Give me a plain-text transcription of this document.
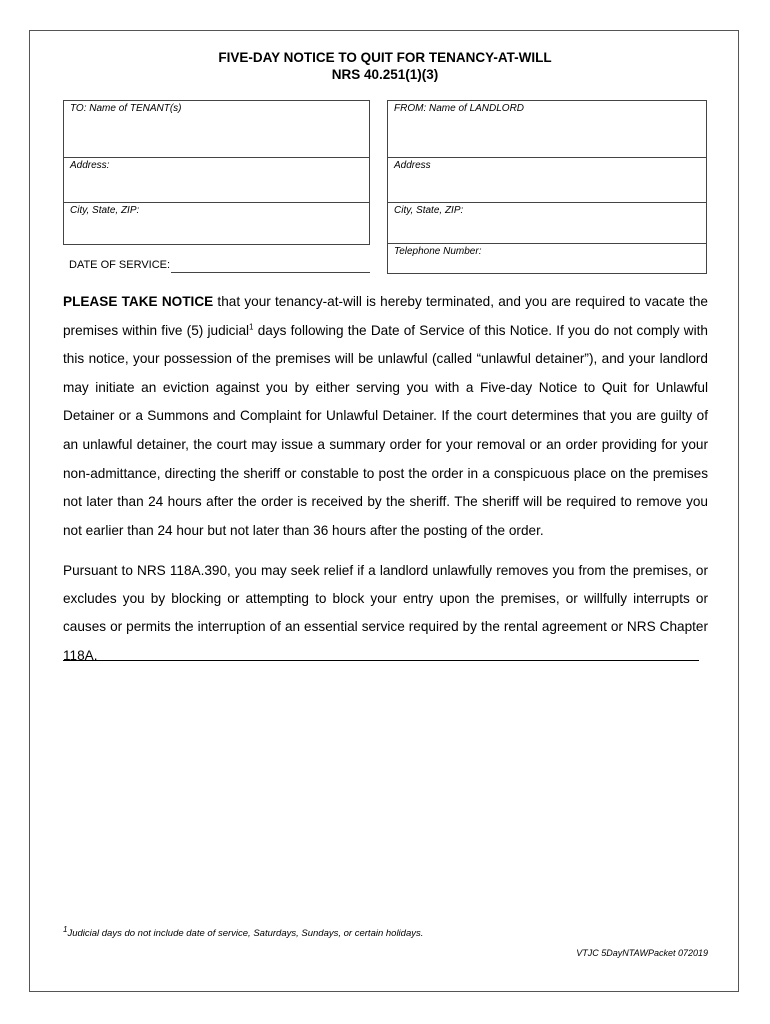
FIVE-DAY NOTICE TO QUIT FOR TENANCY-AT-WILL
NRS 40.251(1)(3)
TO: Name of TENANT(s)
Address:
City, State, ZIP:
FROM: Name of LANDLORD
Address
City, State, ZIP:
Telephone Number:
DATE OF SERVICE:
PLEASE TAKE NOTICE that your tenancy-at-will is hereby terminated, and you are required to vacate the premises within five (5) judicial$^1$ days following the Date of Service of this Notice. If you do not comply with this notice, your possession of the premises will be unlawful (called “unlawful detainer”), and your landlord may initiate an eviction against you by either serving you with a Five-day Notice to Quit for Unlawful Detainer or a Summons and Complaint for Unlawful Detainer. If the court determines that you are guilty of an unlawful detainer, the court may issue a summary order for your removal or an order providing for your non-admittance, directing the sheriff or constable to post the order in a conspicuous place on the premises not later than 24 hours after the order is received by the sheriff. The sheriff will be required to remove you not earlier than 24 hour but not later than 36 hours after the posting of the order.
Pursuant to NRS 118A.390, you may seek relief if a landlord unlawfully removes you from the premises, or excludes you by blocking or attempting to block your entry upon the premises, or willfully interrupts or causes or permits the interruption of an essential service required by the rental agreement or NRS Chapter 118A.
$^1$Judicial days do not include date of service, Saturdays, Sundays, or certain holidays.
VTJC 5DayNTAWPacket 072019
